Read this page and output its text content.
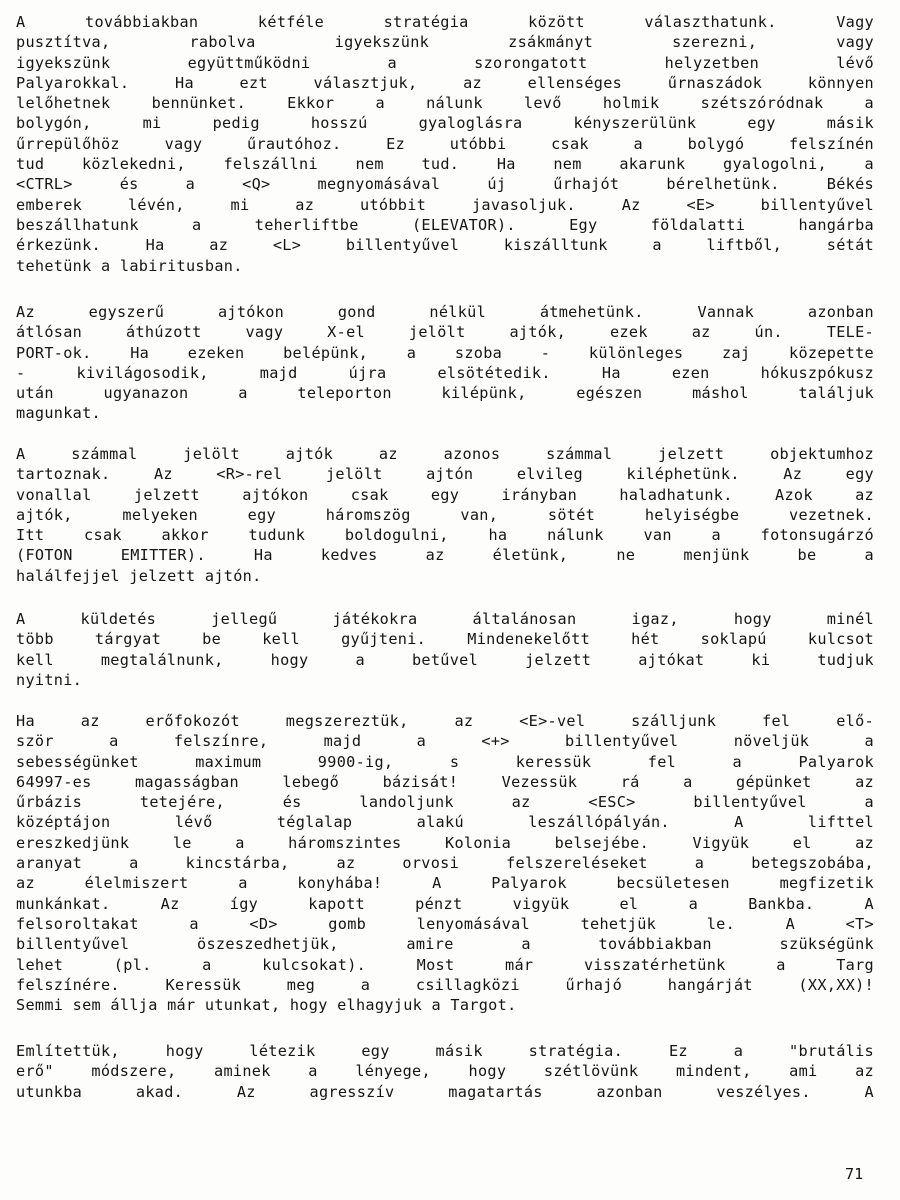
A továbbiakban kétféle stratégia között választhatunk. Vagy
pusztítva, rabolva igyekszünk zsákmányt szerezni, vagy
igyekszünk együttműködni a szorongatott helyzetben lévő
Palyarokkal. Ha ezt választjuk, az ellenséges űrnaszádok könnyen
lelőhetnek bennünket. Ekkor a nálunk levő holmik szétszóródnak a
bolygón, mi pedig hosszú gyaloglásra kényszerülünk egy másik
űrrepülőhöz vagy űrautóhoz. Ez utóbbi csak a bolygó felszínén
tud közlekedni, felszállni nem tud. Ha nem akarunk gyalogolni, a
<CTRL> és a <Q> megnyomásával új űrhajót bérelhetünk. Békés
emberek lévén, mi az utóbbit javasoljuk. Az <E> billentyűvel
beszállhatunk a teherliftbe (ELEVATOR). Egy földalatti hangárba
érkezünk. Ha az <L> billentyűvel kiszálltunk a liftből, sétát
tehetünk a labiritusban.
Az egyszerű ajtókon gond nélkül átmehetünk. Vannak azonban
átlósan áthúzott vagy X-el jelölt ajtók, ezek az ún. TELE-
PORT-ok. Ha ezeken belépünk, a szoba - különleges zaj közepette
- kivilágosodik, majd újra elsötétedik. Ha ezen hókuszpókusz
után ugyanazon a teleporton kilépünk, egészen máshol találjuk
magunkat.
A számmal jelölt ajtók az azonos számmal jelzett objektumhoz
tartoznak. Az <R>-rel jelölt ajtón elvileg kiléphetünk. Az egy
vonallal jelzett ajtókon csak egy irányban haladhatunk. Azok az
ajtók, melyeken egy háromszög van, sötét helyiségbe vezetnek.
Itt csak akkor tudunk boldogulni, ha nálunk van a fotonsugárzó
(FOTON EMITTER). Ha kedves az életünk, ne menjünk be a
halálfejjel jelzett ajtón.
A küldetés jellegű játékokra általánosan igaz, hogy minél
több tárgyat be kell gyűjteni. Mindenekelőtt hét soklapú kulcsot
kell megtalálnunk, hogy a betűvel jelzett ajtókat ki tudjuk
nyitni.
Ha az erőfokozót megszereztük, az <E>-vel szálljunk fel elő-
ször a felszínre, majd a <+> billentyűvel növeljük a
sebességünket maximum 9900-ig, s keressük fel a Palyarok
64997-es magasságban lebegő bázisát! Vezessük rá a gépünket az
űrbázis tetejére, és landoljunk az <ESC> billentyűvel a
középtájon lévő téglalap alakú leszállópályán. A lifttel
ereszkedjünk le a háromszintes Kolonia belsejébe. Vigyük el az
aranyat a kincstárba, az orvosi felszereléseket a betegszobába,
az élelmiszert a konyhába! A Palyarok becsületesen megfizetik
munkánkat. Az így kapott pénzt vigyük el a Bankba. A
felsoroltakat a <D> gomb lenyomásával tehetjük le. A <T>
billentyűvel öszeszedhetjük, amire a továbbiakban szükségünk
lehet (pl. a kulcsokat). Most már visszatérhetünk a Targ
felszínére. Keressük meg a csillagközi űrhajó hangárját (XX,XX)!
Semmi sem állja már utunkat, hogy elhagyjuk a Targot.
Említettük, hogy létezik egy másik stratégia. Ez a "brutális
erő" módszere, aminek a lényege, hogy szétlövünk mindent, ami az
utunkba akad. Az agresszív magatartás azonban veszélyes. A
71
